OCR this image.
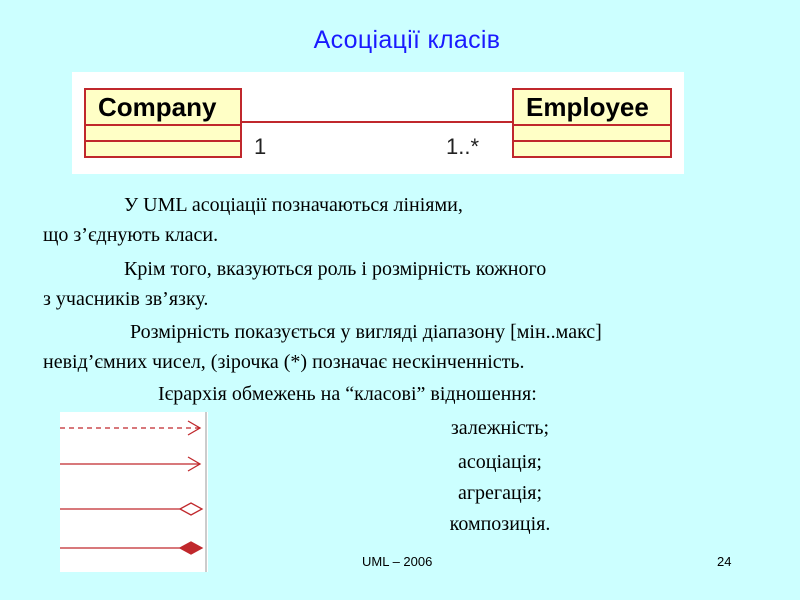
Асоціації класів
Company
1	1..*
Employee
У UML асоціації позначаються лініями,
що з’єднують класи.
Крім того, вказуються роль і розмірність кожного
з учасників зв’язку.
Розмірність показується у вигляді діапазону [мін..макс]
невід’ємних чисел, (зірочка (*) позначає нескінченність.
Ієрархія обмежень на “класові” відношення:
залежність;
асоціація;
агрегація;
композиція.
UML – 2006	24
